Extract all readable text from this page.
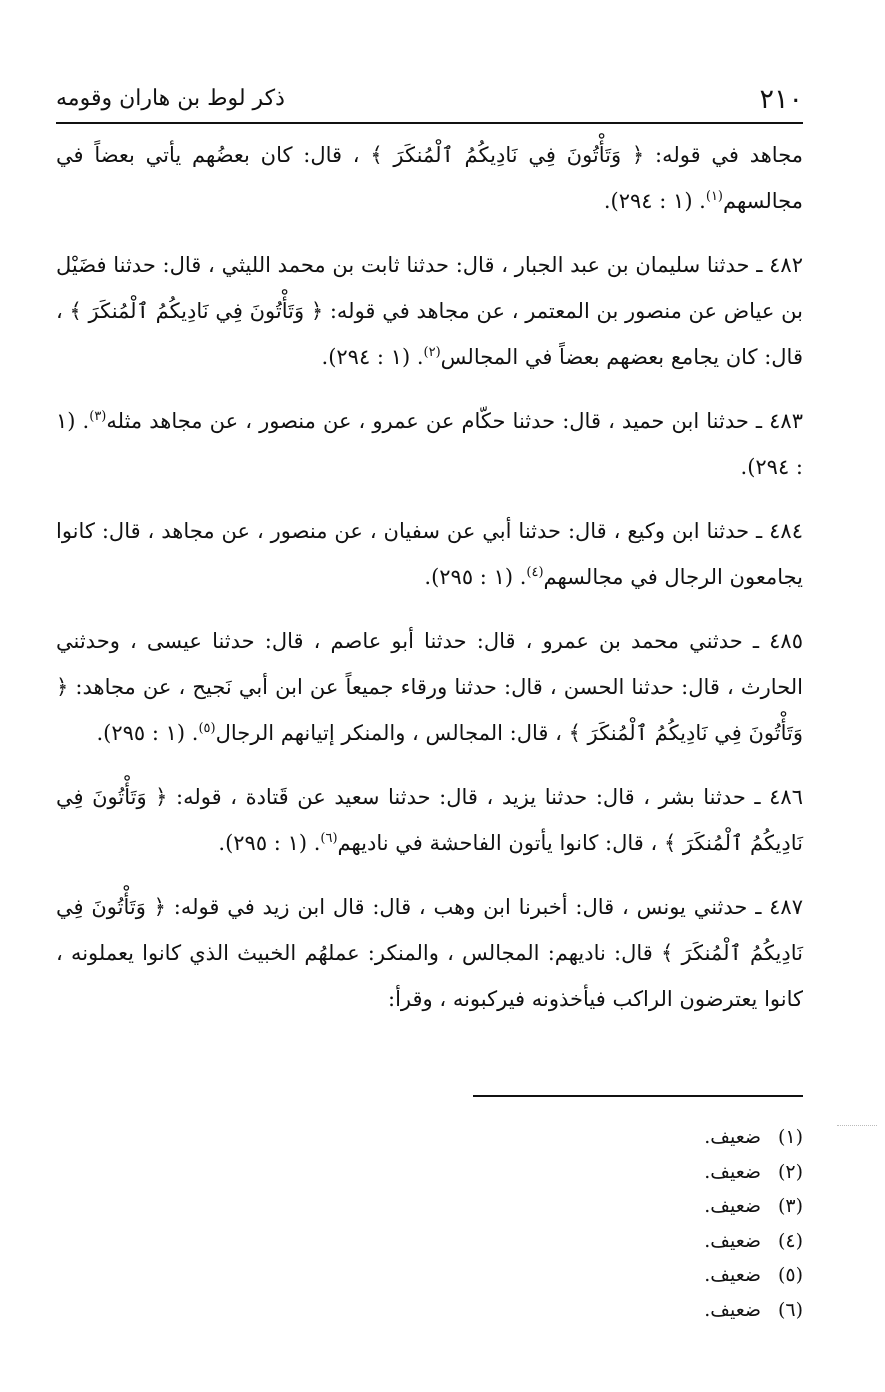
٢١٠
ذكر لوط بن هاران وقومه

مجاهد في قوله: ﴿ وَتَأْتُونَ فِي نَادِيكُمُ ٱلْمُنكَرَ ﴾ ، قال: كان بعضُهم يأتي بعضاً في مجالسهم$^{(١)}$. (١ : ٢٩٤).

٤٨٢ ـ حدثنا سليمان بن عبد الجبار ، قال: حدثنا ثابت بن محمد الليثي ، قال: حدثنا فضَيْل بن عياض عن منصور بن المعتمر ، عن مجاهد في قوله: ﴿ وَتَأْتُونَ فِي نَادِيكُمُ ٱلْمُنكَرَ ﴾ ، قال: كان يجامع بعضهم بعضاً في المجالس$^{(٢)}$. (١ : ٢٩٤).

٤٨٣ ـ حدثنا ابن حميد ، قال: حدثنا حكّام عن عمرو ، عن منصور ، عن مجاهد مثله$^{(٣)}$. (١ : ٢٩٤).

٤٨٤ ـ حدثنا ابن وكيع ، قال: حدثنا أبي عن سفيان ، عن منصور ، عن مجاهد ، قال: كانوا يجامعون الرجال في مجالسهم$^{(٤)}$. (١ : ٢٩٥).

٤٨٥ ـ حدثني محمد بن عمرو ، قال: حدثنا أبو عاصم ، قال: حدثنا عيسى ، وحدثني الحارث ، قال: حدثنا الحسن ، قال: حدثنا ورقاء جميعاً عن ابن أبي نَجيح ، عن مجاهد: ﴿ وَتَأْتُونَ فِي نَادِيكُمُ ٱلْمُنكَرَ ﴾ ، قال: المجالس ، والمنكر إتيانهم الرجال$^{(٥)}$. (١ : ٢٩٥).

٤٨٦ ـ حدثنا بشر ، قال: حدثنا يزيد ، قال: حدثنا سعيد عن قَتادة ، قوله: ﴿ وَتَأْتُونَ فِي نَادِيكُمُ ٱلْمُنكَرَ ﴾ ، قال: كانوا يأتون الفاحشة في ناديهم$^{(٦)}$. (١ : ٢٩٥).

٤٨٧ ـ حدثني يونس ، قال: أخبرنا ابن وهب ، قال: قال ابن زيد في قوله: ﴿ وَتَأْتُونَ فِي نَادِيكُمُ ٱلْمُنكَرَ ﴾ قال: ناديهم: المجالس ، والمنكر: عملهُم الخبيث الذي كانوا يعملونه ، كانوا يعترضون الراكب فيأخذونه فيركبونه ، وقرأ:

(١)ضعيف.
(٢)ضعيف.
(٣)ضعيف.
(٤)ضعيف.
(٥)ضعيف.
(٦)ضعيف.
